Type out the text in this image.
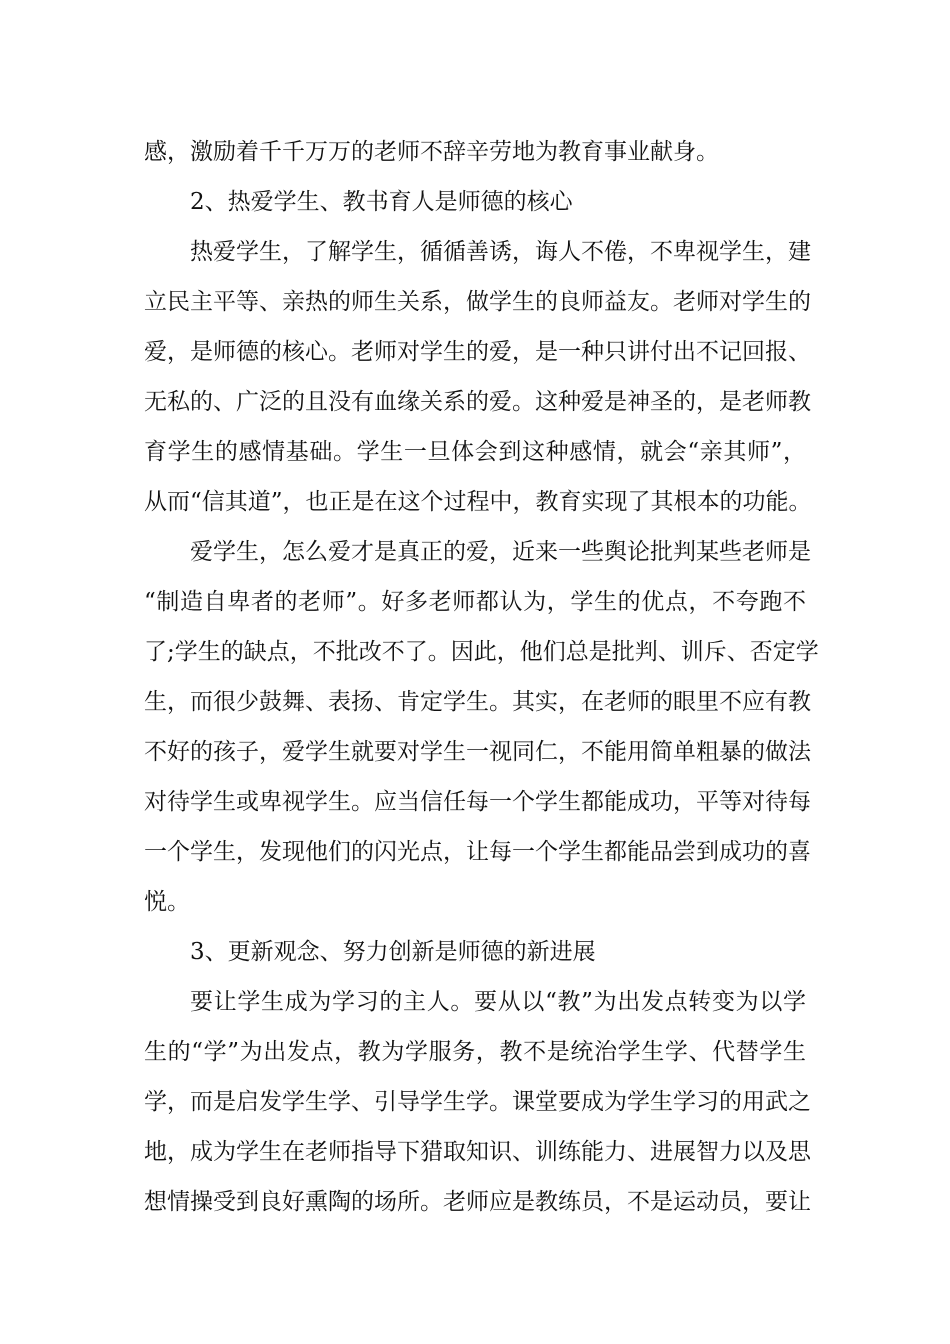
感，激励着千千万万的老师不辞辛劳地为教育事业献身。
2、热爱学生、教书育人是师德的核心
热爱学生，了解学生，循循善诱，诲人不倦，不卑视学生，建
立民主平等、亲热的师生关系，做学生的良师益友。老师对学生的
爱，是师德的核心。老师对学生的爱，是一种只讲付出不记回报、
无私的、广泛的且没有血缘关系的爱。这种爱是神圣的，是老师教
育学生的感情基础。学生一旦体会到这种感情，就会“亲其师”，
从而“信其道”，也正是在这个过程中，教育实现了其根本的功能。
爱学生，怎么爱才是真正的爱，近来一些舆论批判某些老师是
“制造自卑者的老师”。好多老师都认为，学生的优点，不夸跑不
了;学生的缺点，不批改不了。因此，他们总是批判、训斥、否定学
生，而很少鼓舞、表扬、肯定学生。其实，在老师的眼里不应有教
不好的孩子，爱学生就要对学生一视同仁，不能用简单粗暴的做法
对待学生或卑视学生。应当信任每一个学生都能成功，平等对待每
一个学生，发现他们的闪光点，让每一个学生都能品尝到成功的喜
悦。
3、更新观念、努力创新是师德的新进展
要让学生成为学习的主人。要从以“教”为出发点转变为以学
生的“学”为出发点，教为学服务，教不是统治学生学、代替学生
学，而是启发学生学、引导学生学。课堂要成为学生学习的用武之
地，成为学生在老师指导下猎取知识、训练能力、进展智力以及思
想情操受到良好熏陶的场所。老师应是教练员，不是运动员，要让
